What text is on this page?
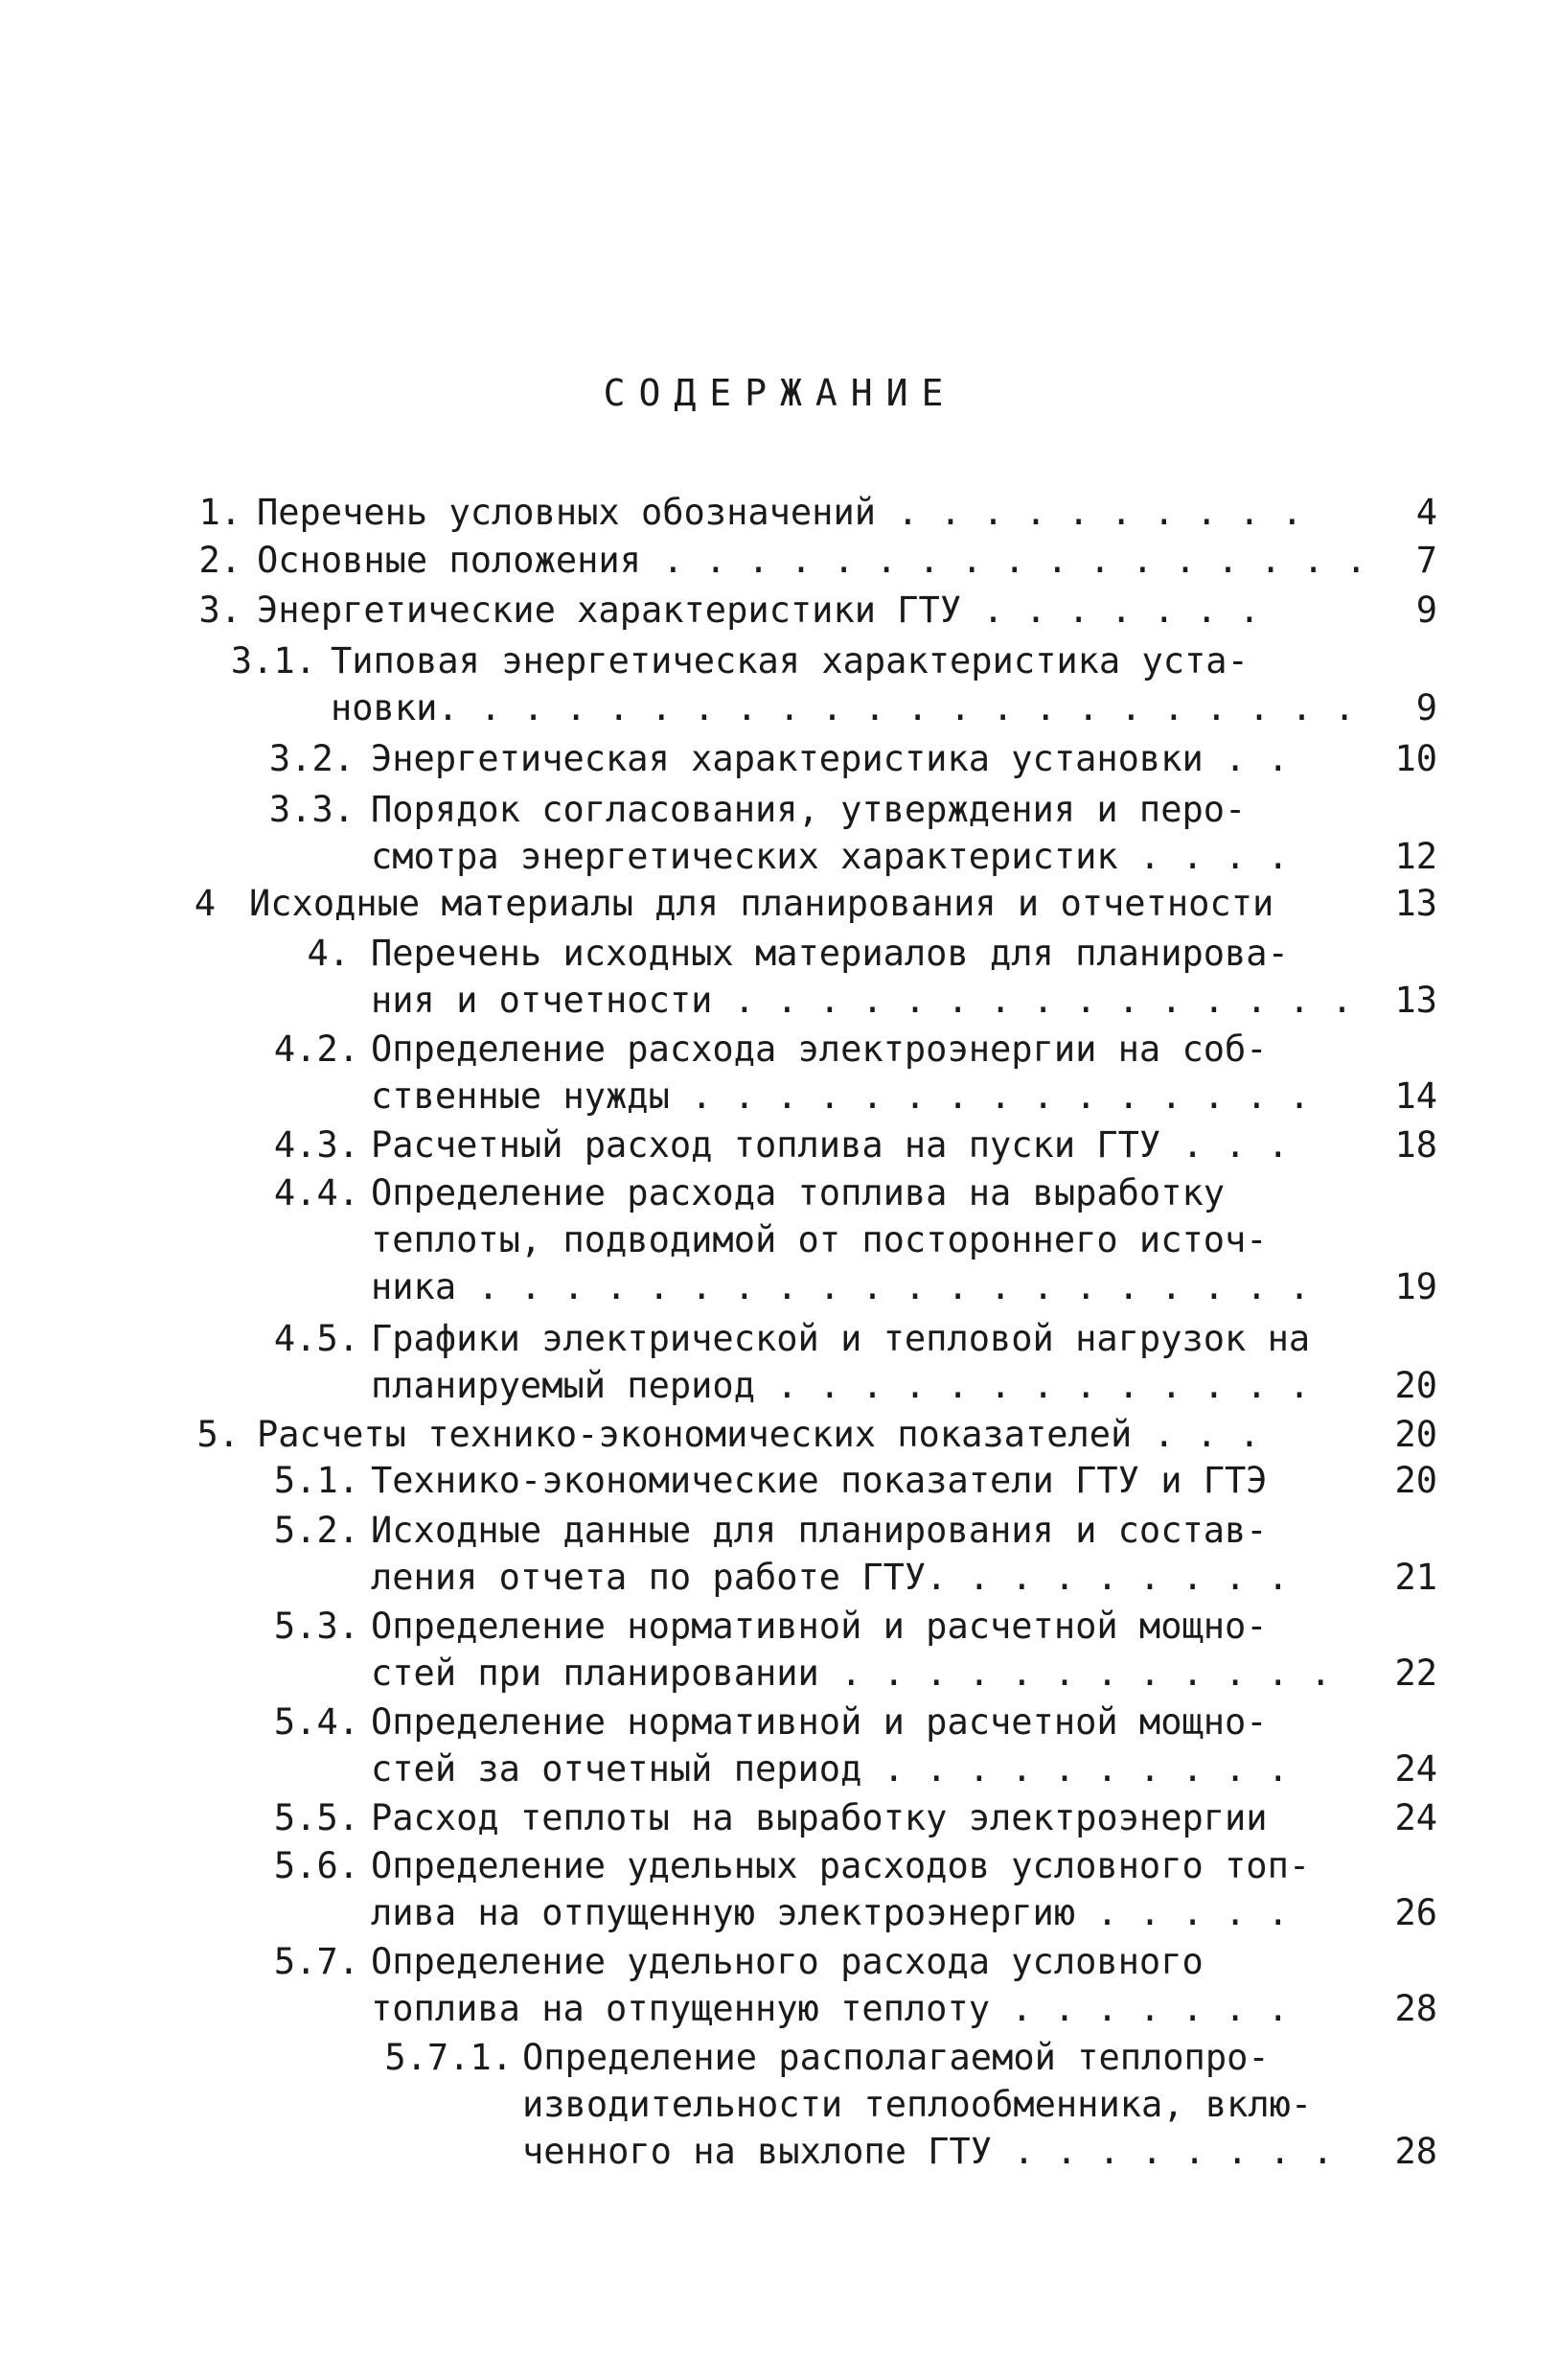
СОДЕРЖАНИЕ
1. Перечень условных обозначений . . . . . . . . . .	4
2. Основные положения . . . . . . . . . . . . . . . . .	7
3. Энергетические характеристики ГТУ . . . . . . .	9
3.1. Типовая энергетическая характеристика уста-
новки. . . . . . . . . . . . . . . . . . . . . .	9
3.2. Энергетическая характеристика установки . .	10
3.3. Порядок согласования, утверждения и перо-
смотра энергетических характеристик . . . .	12
4 Исходные материалы для планирования и отчетности	13
4. Перечень исходных материалов для планирова-
ния и отчетности . . . . . . . . . . . . . . .	13
4.2. Определение расхода электроэнергии на соб-
ственные нужды . . . . . . . . . . . . . . .	14
4.3. Расчетный расход топлива на пуски ГТУ . . .	18
4.4. Определение расхода топлива на выработку
теплоты, подводимой от постороннего источ-
ника . . . . . . . . . . . . . . . . . . . .	19
4.5. Графики электрической и тепловой нагрузок на
планируемый период . . . . . . . . . . . . .	20
5. Расчеты технико-экономических показателей . . .	20
5.1. Технико-экономические показатели ГТУ и ГТЭ	20
5.2. Исходные данные для планирования и состав-
ления отчета по работе ГТУ. . . . . . . . .	21
5.3. Определение нормативной и расчетной мощно-
стей при планировании . . . . . . . . . . . .	22
5.4. Определение нормативной и расчетной мощно-
стей за отчетный период . . . . . . . . . .	24
5.5. Расход теплоты на выработку электроэнергии	24
5.6. Определение удельных расходов условного топ-
лива на отпущенную электроэнергию . . . . .	26
5.7. Определение удельного расхода условного
топлива на отпущенную теплоту . . . . . . .	28
5.7.1. Определение располагаемой теплопро-
изводительности теплообменника, вклю-
ченного на выхлопе ГТУ . . . . . . . .	28
